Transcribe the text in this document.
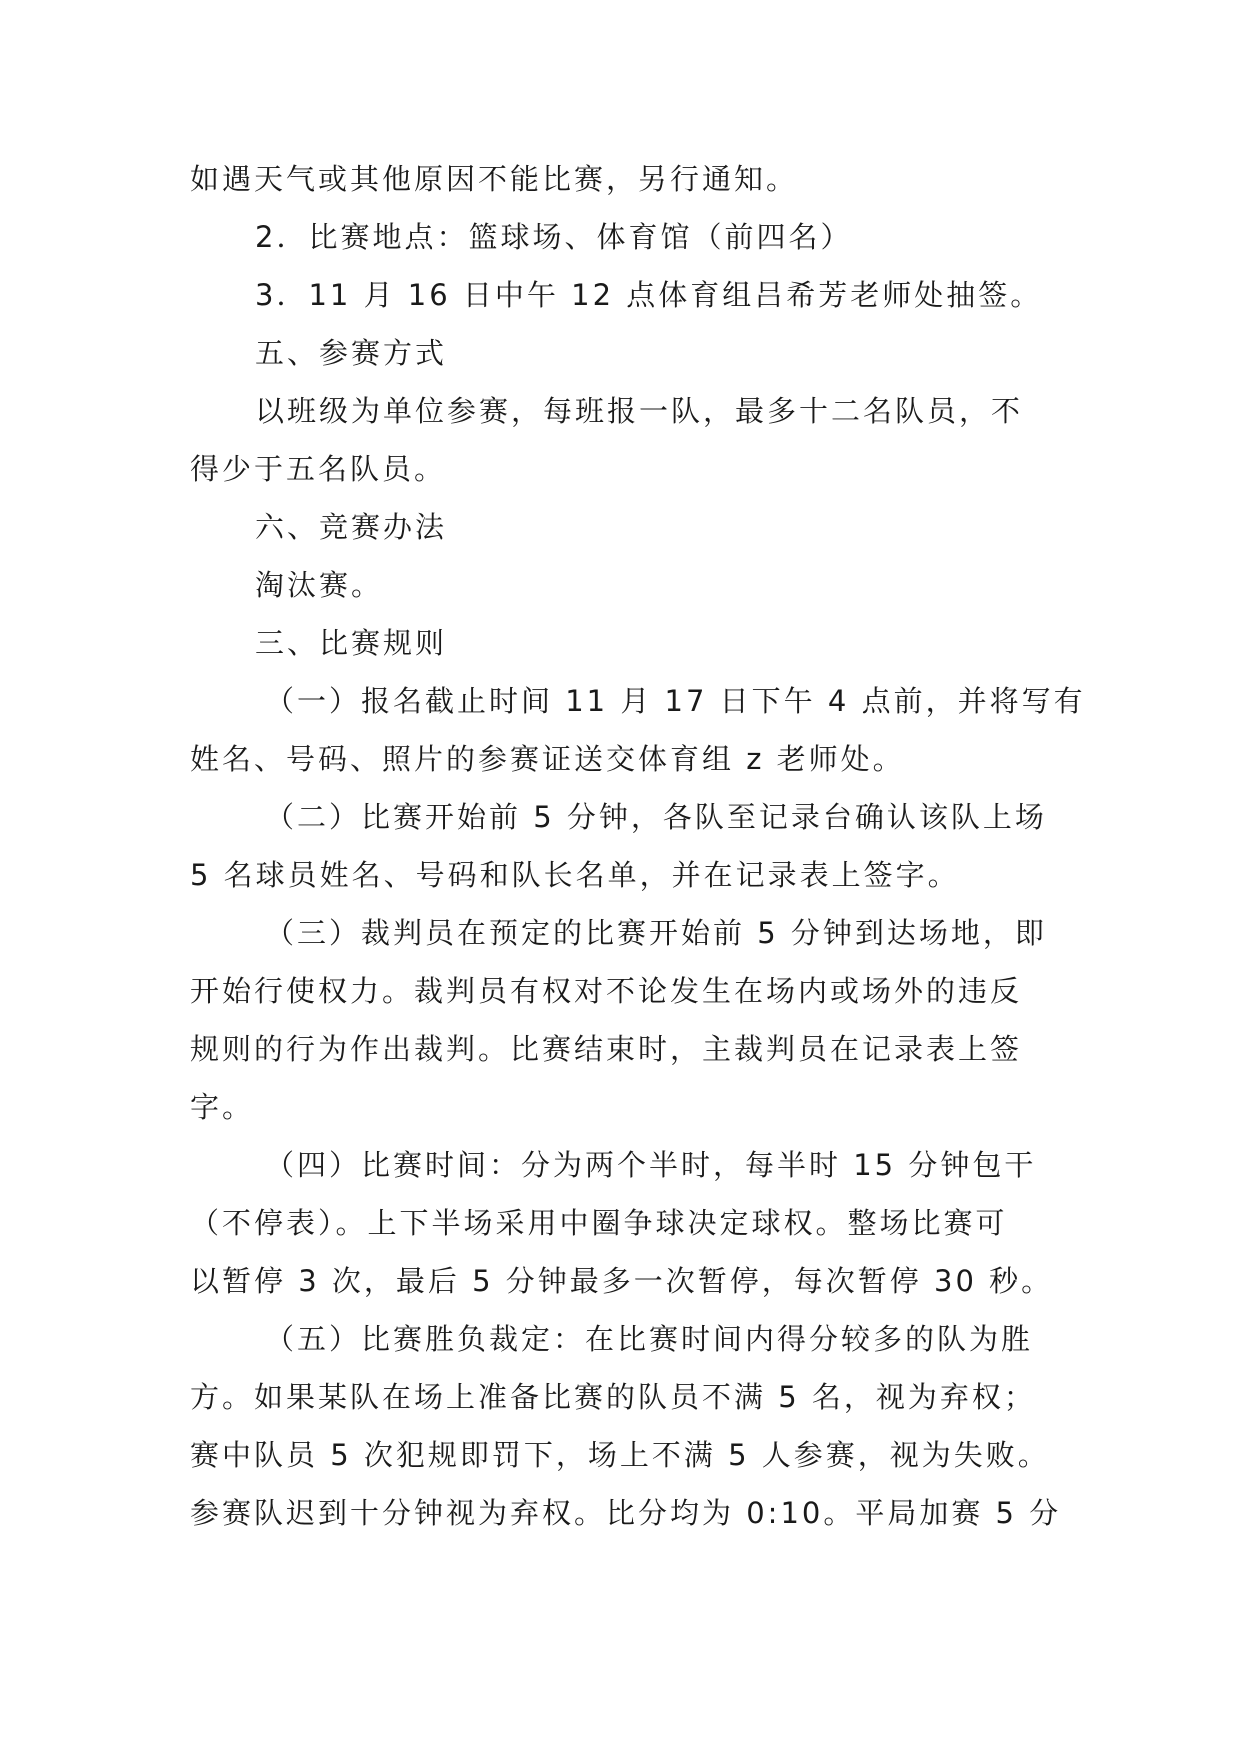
如遇天气或其他原因不能比赛，另行通知。
2．比赛地点：篮球场、体育馆（前四名）
3．11 月 16 日中午 12 点体育组吕希芳老师处抽签。
五、参赛方式
以班级为单位参赛，每班报一队，最多十二名队员，不
得少于五名队员。
六、竞赛办法
淘汰赛。
三、比赛规则
（一）报名截止时间 11 月 17 日下午 4 点前，并将写有
姓名、号码、照片的参赛证送交体育组 z 老师处。
（二）比赛开始前 5 分钟，各队至记录台确认该队上场
5 名球员姓名、号码和队长名单，并在记录表上签字。
（三）裁判员在预定的比赛开始前 5 分钟到达场地，即
开始行使权力。裁判员有权对不论发生在场内或场外的违反
规则的行为作出裁判。比赛结束时，主裁判员在记录表上签
字。
（四）比赛时间：分为两个半时，每半时 15 分钟包干
（不停表）。上下半场采用中圈争球决定球权。整场比赛可
以暂停 3 次，最后 5 分钟最多一次暂停，每次暂停 30 秒。
（五）比赛胜负裁定：在比赛时间内得分较多的队为胜
方。如果某队在场上准备比赛的队员不满 5 名，视为弃权；
赛中队员 5 次犯规即罚下，场上不满 5 人参赛，视为失败。
参赛队迟到十分钟视为弃权。比分均为 0:10。平局加赛 5 分
